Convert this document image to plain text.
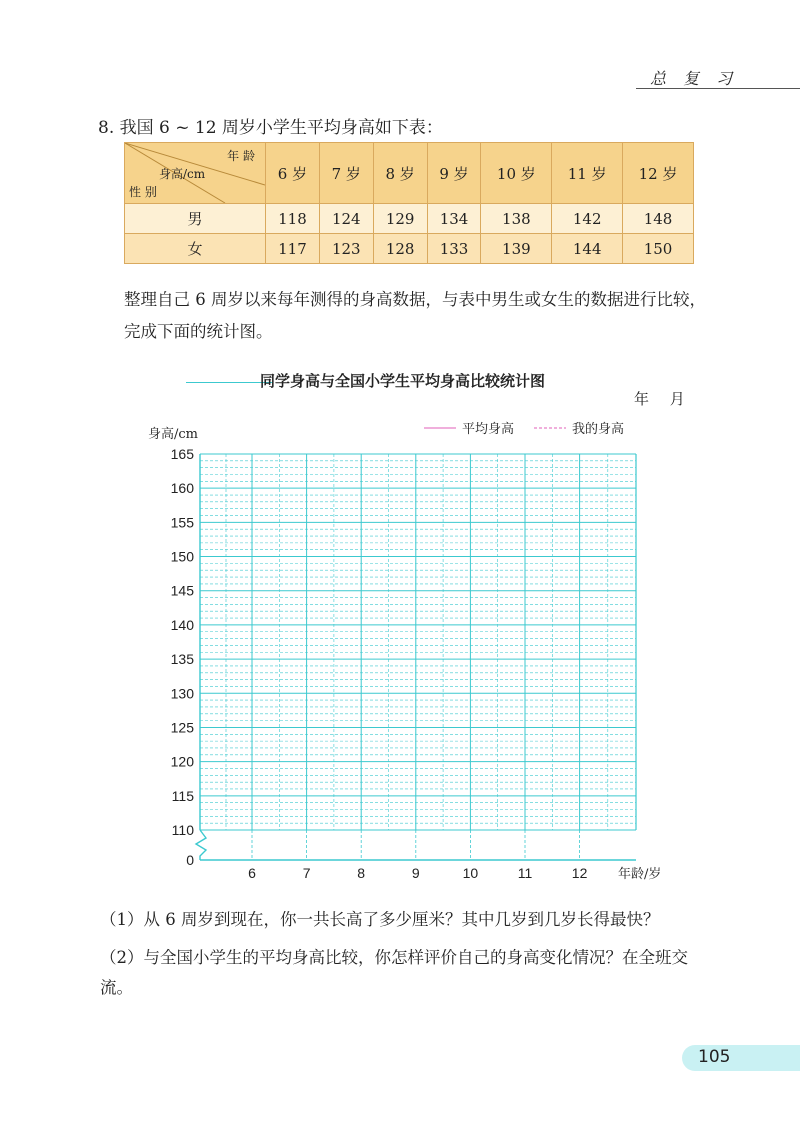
总 复 习
8. 我国 6 ~ 12 周岁小学生平均身高如下表：
年 龄
身高/cm
性 别	6 岁	7 岁	8 岁	9 岁	10 岁	11 岁	12 岁
男	118	124	129	134	138	142	148
女	117	123	128	133	139	144	150
整理自己 6 周岁以来每年测得的身高数据，与表中男生或女生的数据进行比较，完成下面的统计图。
同学身高与全国小学生平均身高比较统计图
年 月
0
110
115
120
125
130
135
140
145
150
155
160
165
6	7	8	9	10	11	12
身高/cm
年龄/岁
平均身高	我的身高
（1）从 6 周岁到现在，你一共长高了多少厘米？其中几岁到几岁长得最快？
（2）与全国小学生的平均身高比较，你怎样评价自己的身高变化情况？在全班交流。
105
